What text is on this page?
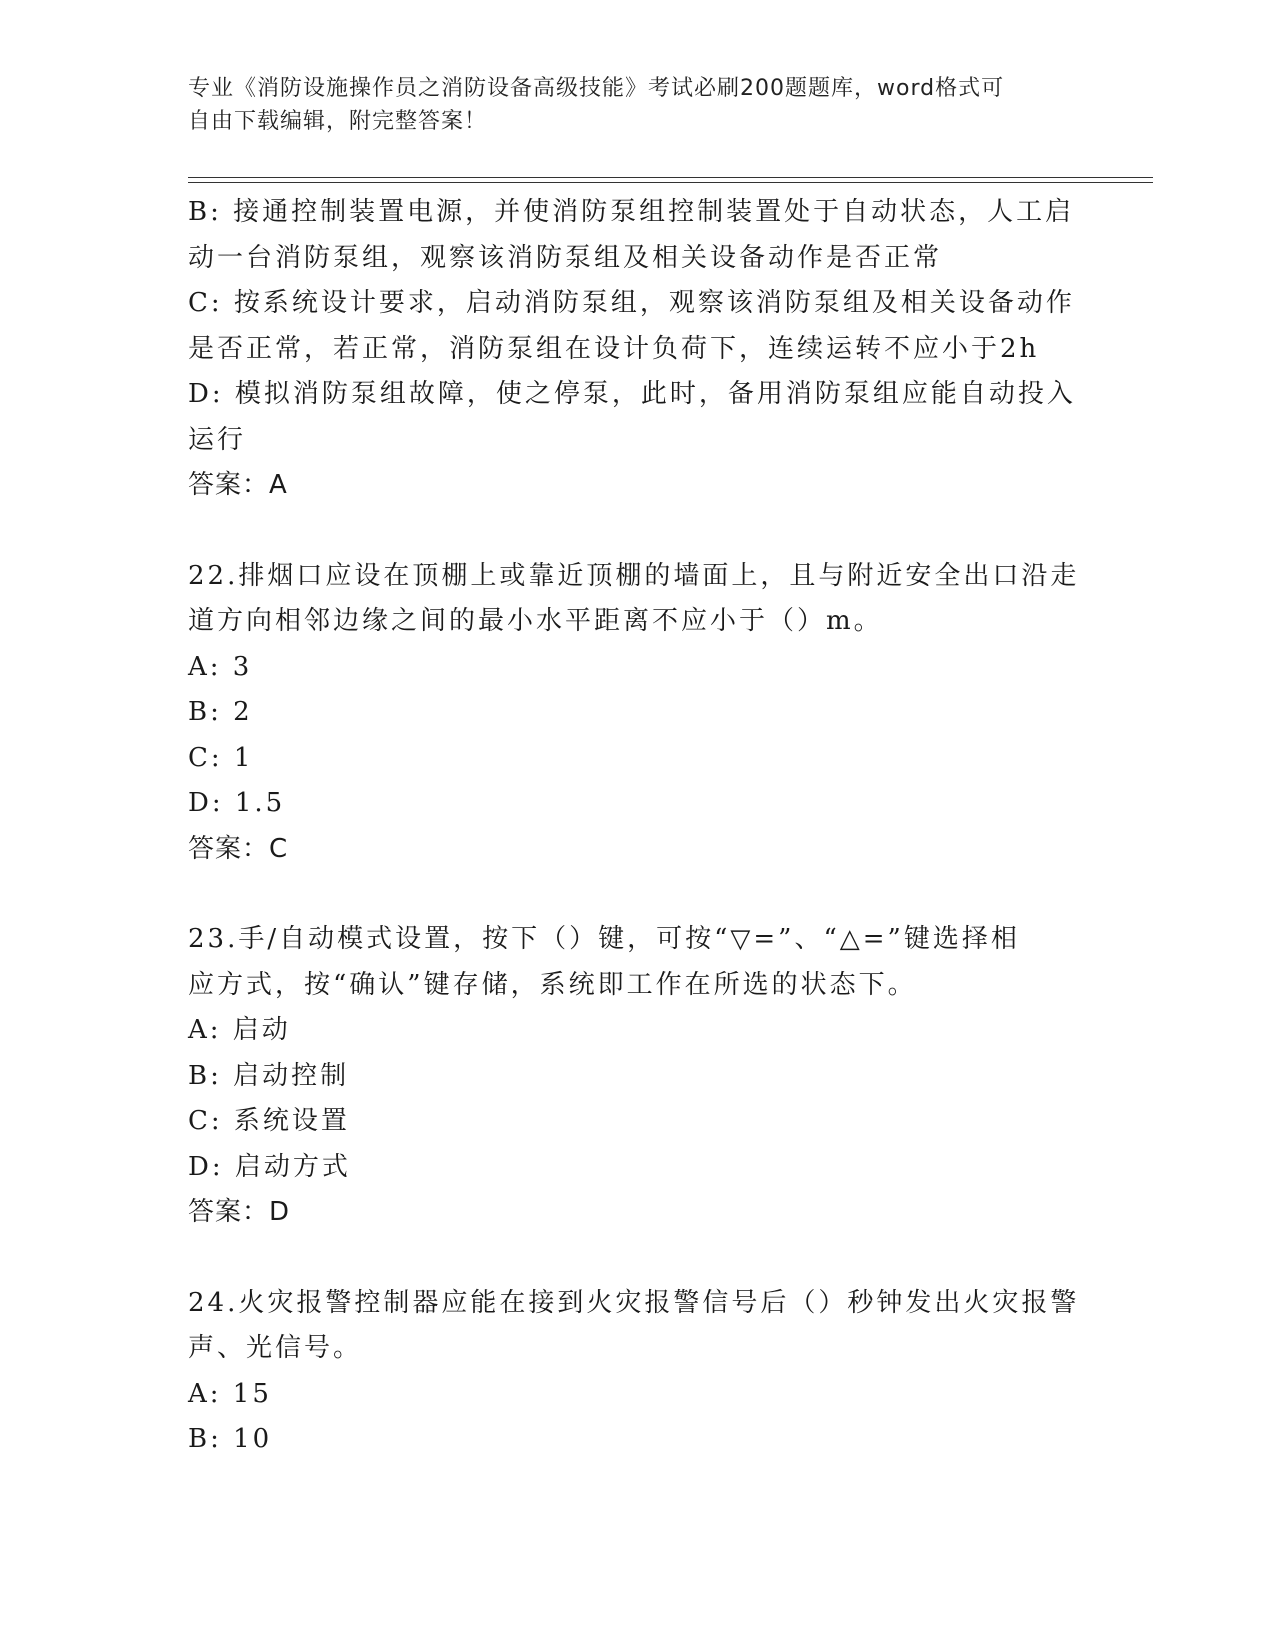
专业《消防设施操作员之消防设备高级技能》考试必刷200题题库，word格式可
自由下载编辑，附完整答案！
B: 接通控制装置电源，并使消防泵组控制装置处于自动状态，人工启
动一台消防泵组，观察该消防泵组及相关设备动作是否正常
C: 按系统设计要求，启动消防泵组，观察该消防泵组及相关设备动作
是否正常，若正常，消防泵组在设计负荷下，连续运转不应小于2h
D: 模拟消防泵组故障，使之停泵，此时，备用消防泵组应能自动投入
运行
答案：A
22.排烟口应设在顶棚上或靠近顶棚的墙面上，且与附近安全出口沿走
道方向相邻边缘之间的最小水平距离不应小于（）m。
A: 3
B: 2
C: 1
D: 1.5
答案：C
23.手/自动模式设置，按下（）键，可按“▽=”、“△=”键选择相
应方式，按“确认”键存储，系统即工作在所选的状态下。
A: 启动
B: 启动控制
C: 系统设置
D: 启动方式
答案：D
24.火灾报警控制器应能在接到火灾报警信号后（）秒钟发出火灾报警
声、光信号。
A: 15
B: 10
